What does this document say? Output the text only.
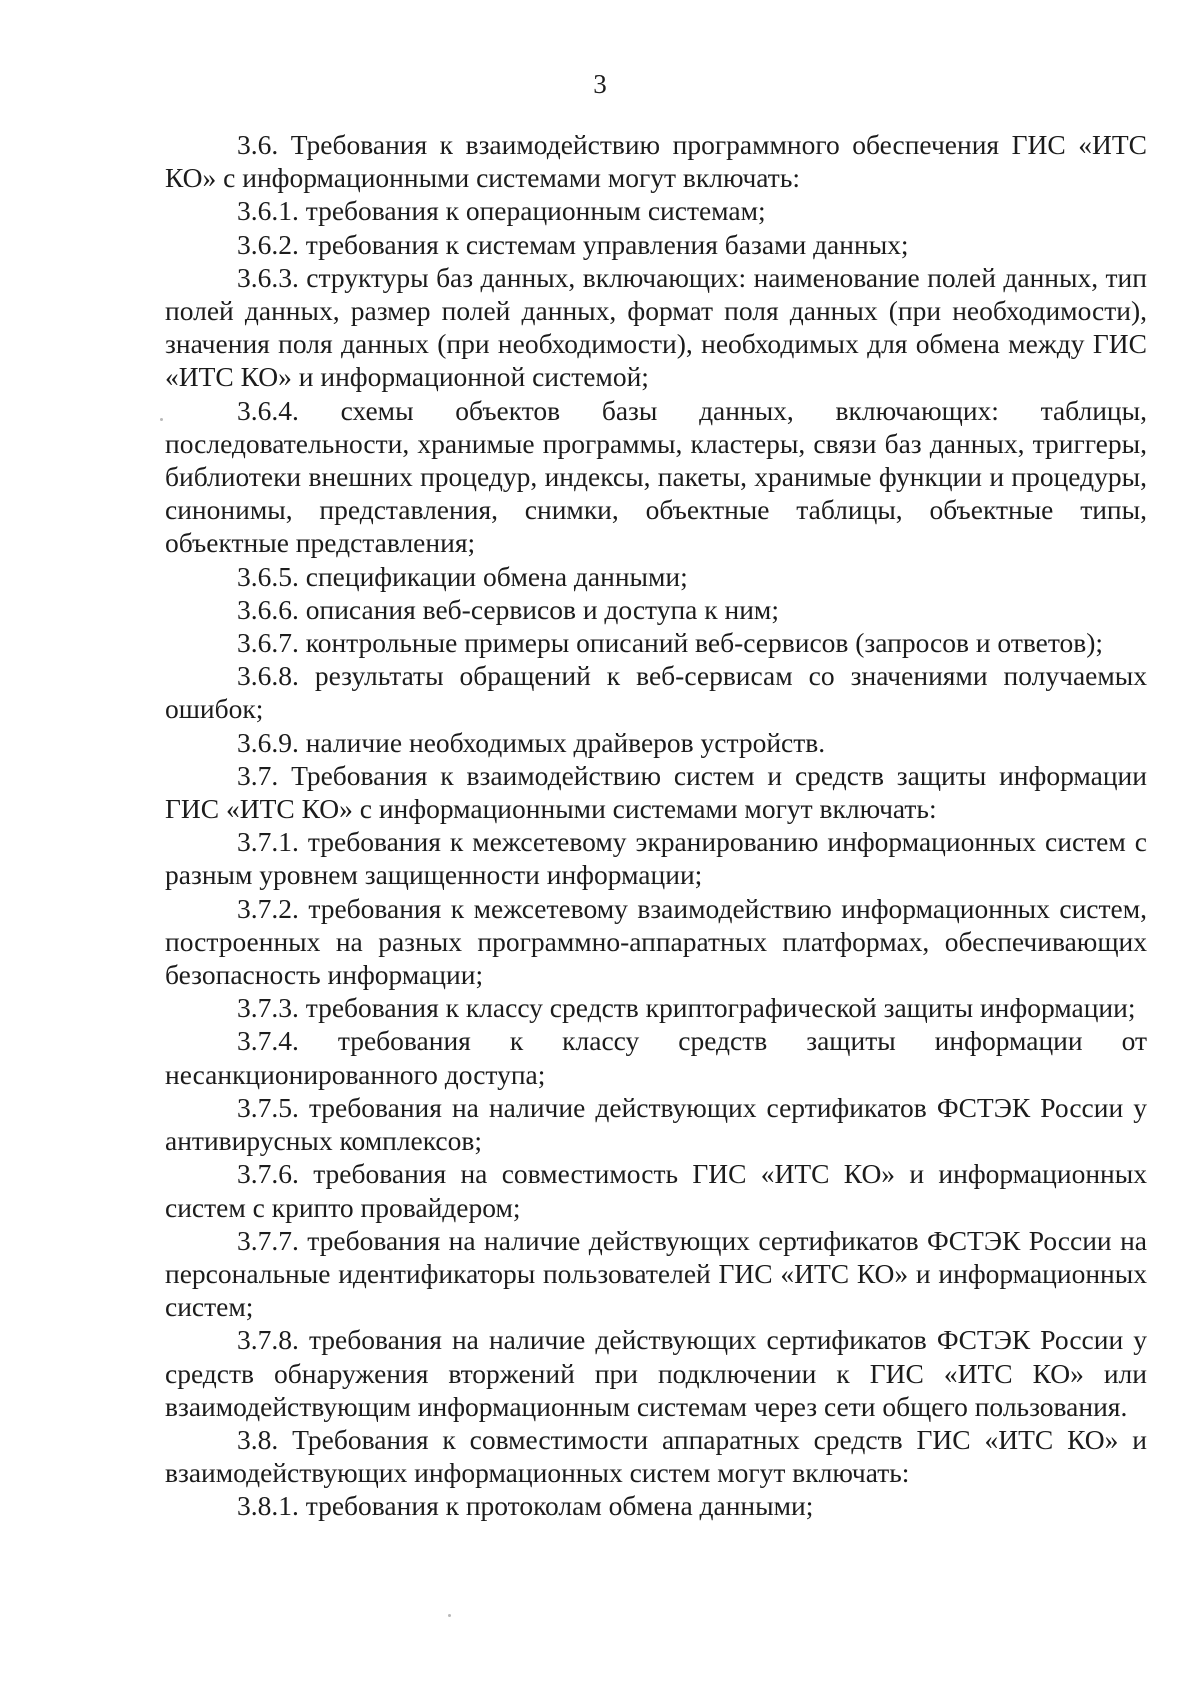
3

3.6. Требования к взаимодействию программного обеспечения ГИС «ИТС КО» с информационными системами могут включать:

3.6.1. требования к операционным системам;

3.6.2. требования к системам управления базами данных;

3.6.3. структуры баз данных, включающих: наименование полей данных, тип полей данных, размер полей данных, формат поля данных (при необходимости), значения поля данных (при необходимости), необходимых для обмена между ГИС «ИТС КО» и информационной системой;

3.6.4. схемы объектов базы данных, включающих: таблицы, последовательности, хранимые программы, кластеры, связи баз данных, триггеры, библиотеки внешних процедур, индексы, пакеты, хранимые функции и процедуры, синонимы, представления, снимки, объектные таблицы, объектные типы, объектные представления;

3.6.5. спецификации обмена данными;

3.6.6. описания веб-сервисов и доступа к ним;

3.6.7. контрольные примеры описаний веб-сервисов (запросов и ответов);

3.6.8. результаты обращений к веб-сервисам со значениями получаемых ошибок;

3.6.9. наличие необходимых драйверов устройств.

3.7. Требования к взаимодействию систем и средств защиты информации ГИС «ИТС КО» с информационными системами могут включать:

3.7.1. требования к межсетевому экранированию информационных систем с разным уровнем защищенности информации;

3.7.2. требования к межсетевому взаимодействию информационных систем, построенных на разных программно-аппаратных платформах, обеспечивающих безопасность информации;

3.7.3. требования к классу средств криптографической защиты информации;

3.7.4. требования к классу средств защиты информации от несанкционированного доступа;

3.7.5. требования на наличие действующих сертификатов ФСТЭК России у антивирусных комплексов;

3.7.6. требования на совместимость ГИС «ИТС КО» и информационных систем с крипто провайдером;

3.7.7. требования на наличие действующих сертификатов ФСТЭК России на персональные идентификаторы пользователей ГИС «ИТС КО» и информационных систем;

3.7.8. требования на наличие действующих сертификатов ФСТЭК России у средств обнаружения вторжений при подключении к ГИС «ИТС КО» или взаимодействующим информационным системам через сети общего пользования.

3.8. Требования к совместимости аппаратных средств ГИС «ИТС КО» и взаимодействующих информационных систем могут включать:

3.8.1. требования к протоколам обмена данными;
